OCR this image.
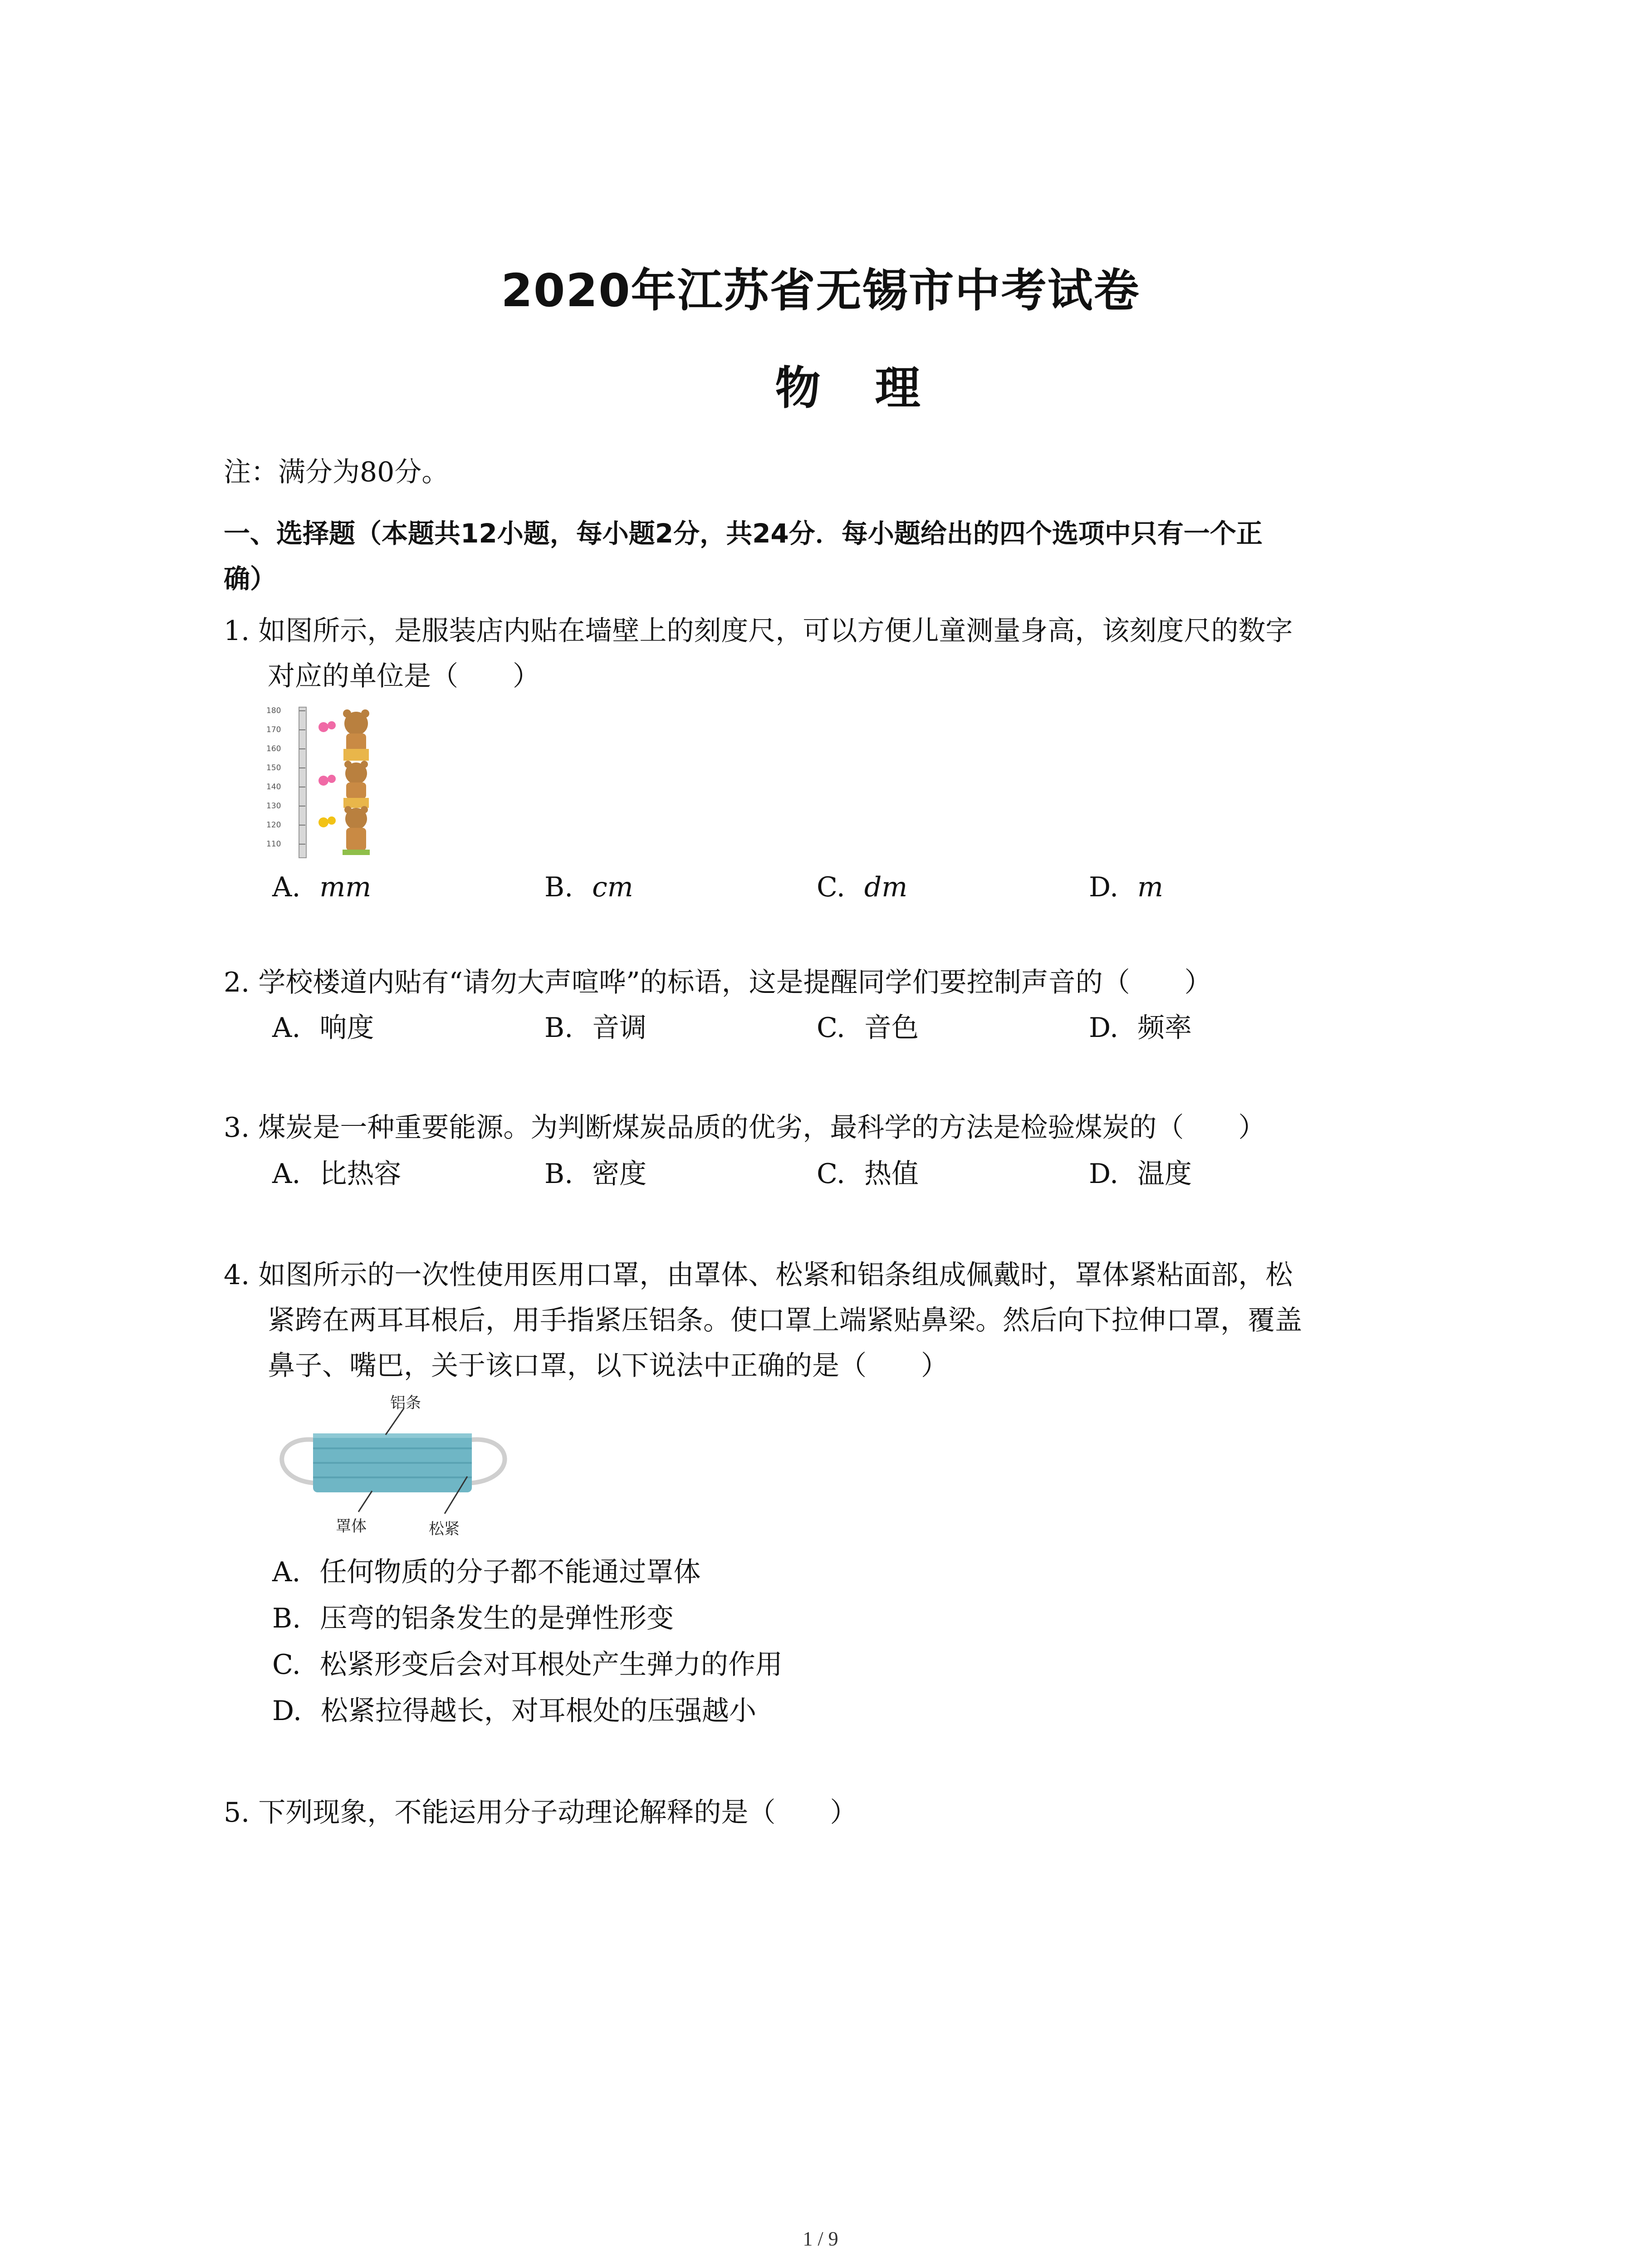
2020年江苏省无锡市中考试卷
物理
注：满分为80分。
一、选择题（本题共12小题，每小题2分，共24分．每小题给出的四个选项中只有一个正
确）
1. 如图所示，是服装店内贴在墙壁上的刻度尺，可以方便儿童测量身高，该刻度尺的数字
对应的单位是（　　）
180
170
160
150
140
130
120
110
A. mm	B. cm	C. dm	D. m
2. 学校楼道内贴有“请勿大声喧哗”的标语，这是提醒同学们要控制声音的（　　）
A. 响度	B. 音调	C. 音色	D. 频率
3. 煤炭是一种重要能源。为判断煤炭品质的优劣，最科学的方法是检验煤炭的（　　）
A. 比热容	B. 密度	C. 热值	D. 温度
4. 如图所示的一次性使用医用口罩，由罩体、松紧和铝条组成佩戴时，罩体紧粘面部，松
紧跨在两耳耳根后，用手指紧压铝条。使口罩上端紧贴鼻梁。然后向下拉伸口罩，覆盖
鼻子、嘴巴，关于该口罩，以下说法中正确的是（　　）
铝条
罩体	松紧
A. 任何物质的分子都不能通过罩体
B. 压弯的铝条发生的是弹性形变
C. 松紧形变后会对耳根处产生弹力的作用
D. 松紧拉得越长，对耳根处的压强越小
5. 下列现象，不能运用分子动理论解释的是（　　）
1 / 9
